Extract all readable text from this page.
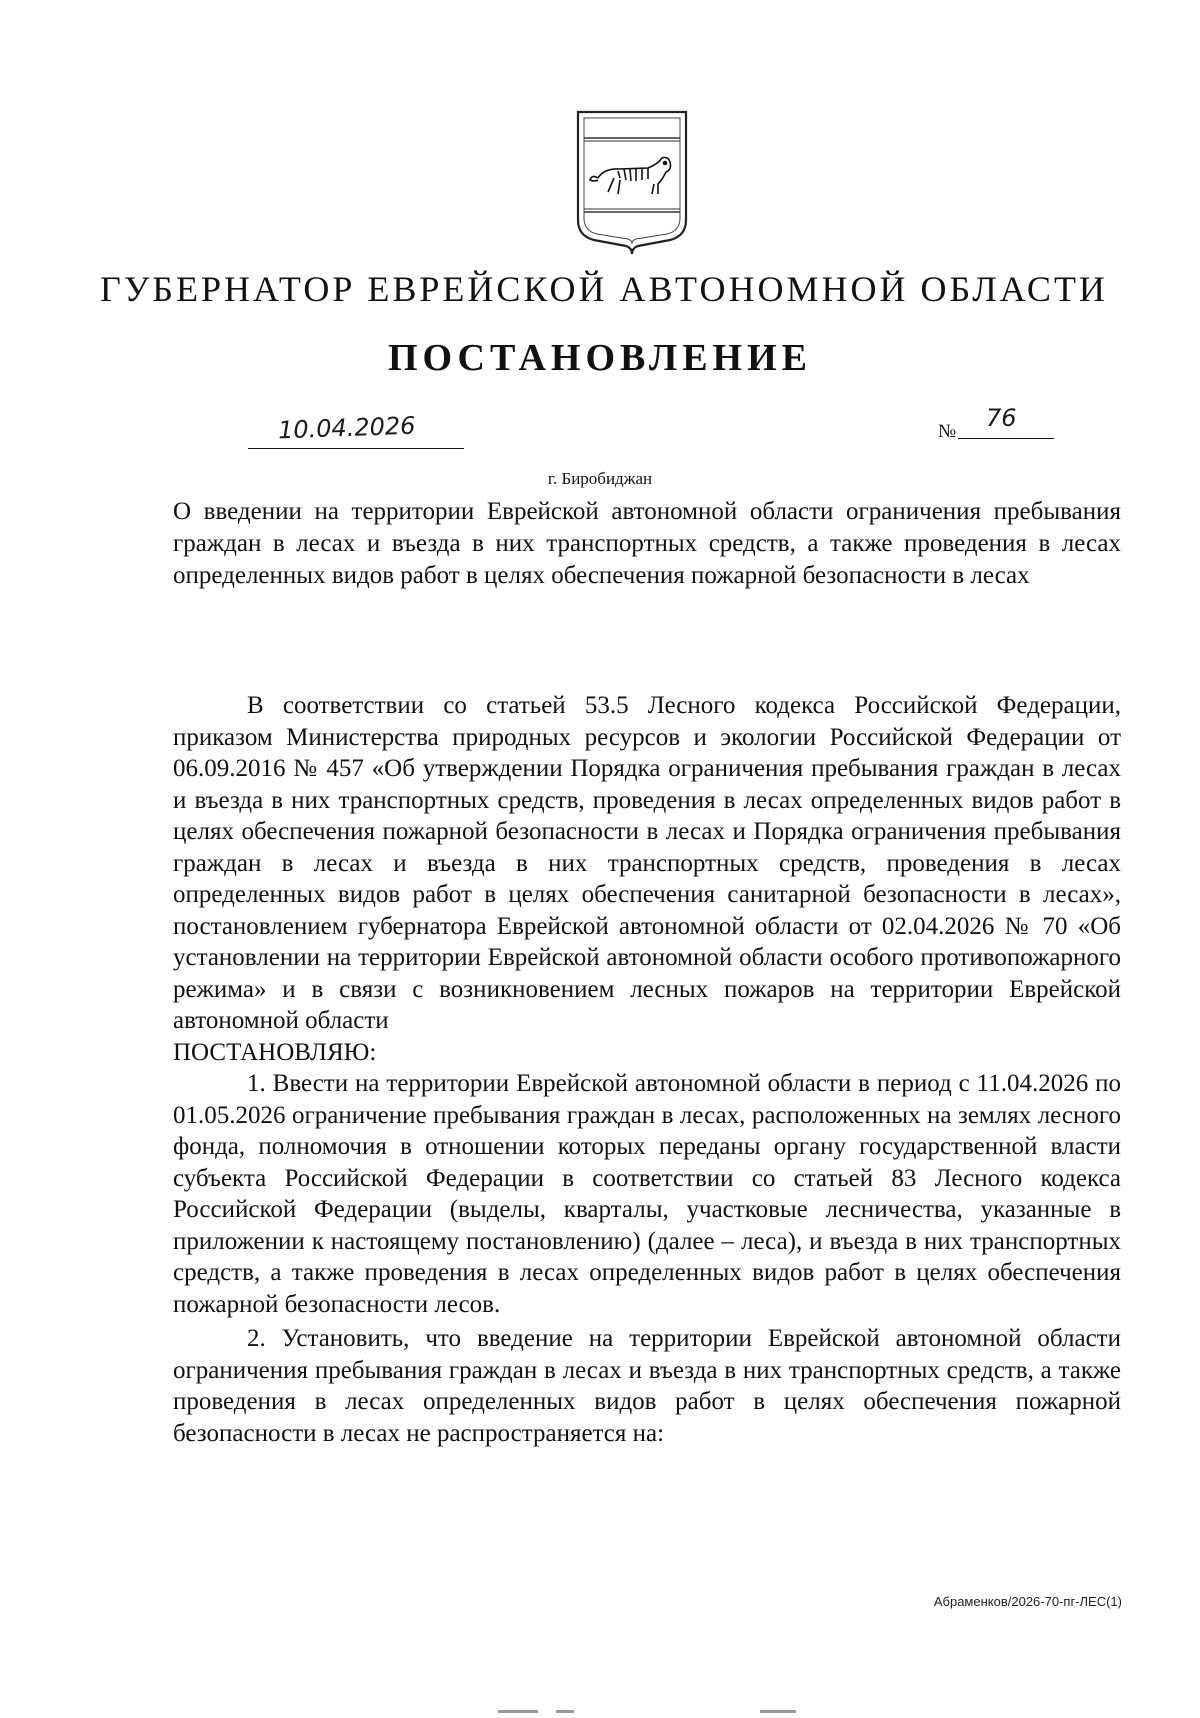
ГУБЕРНАТОР ЕВРЕЙСКОЙ АВТОНОМНОЙ ОБЛАСТИ
ПОСТАНОВЛЕНИЕ
10.04.2026	№ 76
г. Биробиджан

О введении на территории Еврейской автономной области ограничения пребывания граждан в лесах и въезда в них транспортных средств, а также проведения в лесах определенных видов работ в целях обеспечения пожарной безопасности в лесах

В соответствии со статьей 53.5 Лесного кодекса Российской Федерации, приказом Министерства природных ресурсов и экологии Российской Федерации от 06.09.2016 № 457 «Об утверждении Порядка ограничения пребывания граждан в лесах и въезда в них транспортных средств, проведения в лесах определенных видов работ в целях обеспечения пожарной безопасности в лесах и Порядка ограничения пребывания граждан в лесах и въезда в них транспортных средств, проведения в лесах определенных видов работ в целях обеспечения санитарной безопасности в лесах», постановлением губернатора Еврейской автономной области от 02.04.2026 № 70 «Об установлении на территории Еврейской автономной области особого противопожарного режима» и в связи с возникновением лесных пожаров на территории Еврейской автономной области

ПОСТАНОВЛЯЮ:

1. Ввести на территории Еврейской автономной области в период с 11.04.2026 по 01.05.2026 ограничение пребывания граждан в лесах, расположенных на землях лесного фонда, полномочия в отношении которых переданы органу государственной власти субъекта Российской Федерации в соответствии со статьей 83 Лесного кодекса Российской Федерации (выделы, кварталы, участковые лесничества, указанные в приложении к настоящему постановлению) (далее – леса), и въезда в них транспортных средств, а также проведения в лесах определенных видов работ в целях обеспечения пожарной безопасности лесов.

2. Установить, что введение на территории Еврейской автономной области ограничения пребывания граждан в лесах и въезда в них транспортных средств, а также проведения в лесах определенных видов работ в целях обеспечения пожарной безопасности в лесах не распространяется на:

Абраменков/2026-70-пг-ЛЕС(1)
